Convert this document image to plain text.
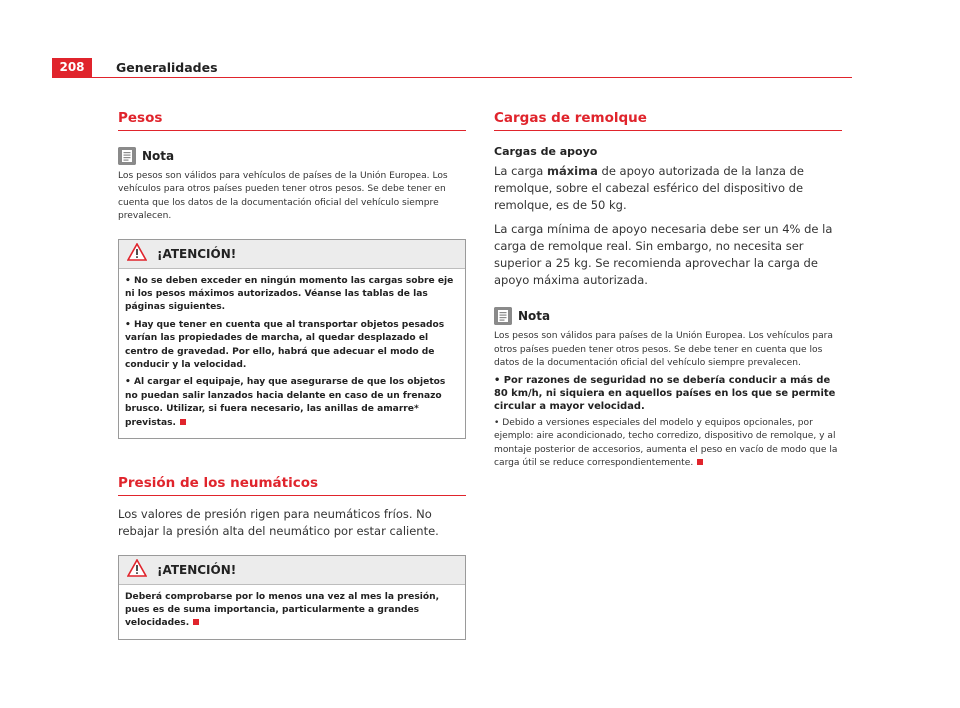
208	Generalidades
Pesos
Nota

Los pesos son válidos para vehículos de países de la Unión Europea. Los vehículos para otros países pueden tener otros pesos. Se debe tener en cuenta que los datos de la documentación oficial del vehículo siempre prevalecen.

¡ATENCIÓN!

• No se deben exceder en ningún momento las cargas sobre eje ni los pesos máximos autorizados. Véanse las tablas de las páginas siguientes.

• Hay que tener en cuenta que al transportar objetos pesados varían las propiedades de marcha, al quedar desplazado el centro de gravedad. Por ello, habrá que adecuar el modo de conducir y la velocidad.

• Al cargar el equipaje, hay que asegurarse de que los objetos no puedan salir lanzados hacia delante en caso de un frenazo brusco. Utilizar, si fuera necesario, las anillas de amarre* previstas.

Presión de los neumáticos

Los valores de presión rigen para neumáticos fríos. No rebajar la presión alta del neumático por estar caliente.

¡ATENCIÓN!

Deberá comprobarse por lo menos una vez al mes la presión, pues es de suma importancia, particularmente a grandes velocidades.

Cargas de remolque

Cargas de apoyo

La carga máxima de apoyo autorizada de la lanza de remolque, sobre el cabezal esférico del dispositivo de remolque, es de 50 kg.

La carga mínima de apoyo necesaria debe ser un 4% de la carga de remolque real. Sin embargo, no necesita ser superior a 25 kg. Se recomienda aprovechar la carga de apoyo máxima autorizada.

Nota

Los pesos son válidos para países de la Unión Europea. Los vehículos para otros países pueden tener otros pesos. Se debe tener en cuenta que los datos de la documentación oficial del vehículo siempre prevalecen.

• Por razones de seguridad no se debería conducir a más de 80 km/h, ni siquiera en aquellos países en los que se permite circular a mayor velocidad.

• Debido a versiones especiales del modelo y equipos opcionales, por ejemplo: aire acondicionado, techo corredizo, dispositivo de remolque, y al montaje posterior de accesorios, aumenta el peso en vacío de modo que la carga útil se reduce correspondientemente.
